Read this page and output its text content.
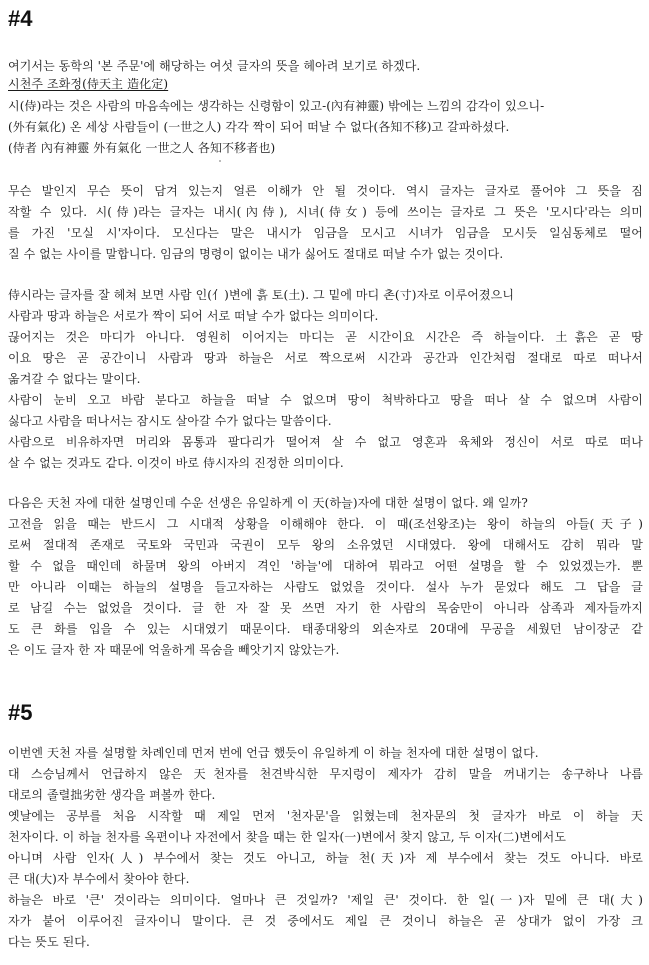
#4
여기서는 동학의 '본 주문'에 해당하는 여섯 글자의 뜻을 헤아려 보기로 하겠다.
시천주 조화정(侍天主 造化定)
시(侍)라는 것은 사람의 마음속에는 생각하는 신령함이 있고-(內有神靈) 밖에는 느낌의 감각이 있으니-
(外有氣化) 온 세상 사람들이 (一世之人) 각각 짝이 되어 떠날 수 없다(各知不移)고 갈파하셨다.
(侍者 內有神靈 外有氣化 一世之人 各知不移者也)
무슨 발인지 무슨 뜻이 담겨 있는지 얼른 이해가 안 될 것이다. 역시 글자는 글자로 풀어야 그 뜻을 짐
작할 수 있다. 시(侍)라는 글자는 내시(內侍), 시녀(侍女) 등에 쓰이는 글자로 그 뜻은 '모시다'라는 의미
를 가진 '모실 시'자이다. 모신다는 말은 내시가 임금을 모시고 시녀가 임금을 모시듯 일심동체로 떨어
질 수 없는 사이를 말합니다. 임금의 명령이 없이는 내가 싫어도 절대로 떠날 수가 없는 것이다.
侍시라는 글자를 잘 헤쳐 보면 사람 인(亻)변에 흙 토(土). 그 밑에 마디 촌(寸)자로 이루어졌으니
사람과 땅과 하늘은 서로가 짝이 되어 서로 떠날 수가 없다는 의미이다.
끊어지는 것은 마디가 아니다. 영원히 이어지는 마디는 곧 시간이요 시간은 즉 하늘이다. 土흙은 곧 땅
이요 땅은 곧 공간이니 사람과 땅과 하늘은 서로 짝으로써 시간과 공간과 인간처럼 절대로 따로 떠나서
옮겨갈 수 없다는 말이다.
사람이 눈비 오고 바람 분다고 하늘을 떠날 수 없으며 땅이 척박하다고 땅을 떠나 살 수 없으며 사람이
싫다고 사람을 떠나서는 잠시도 살아갈 수가 없다는 말씀이다.
사람으로 비유하자면 머리와 몸통과 팔다리가 떨어져 살 수 없고 영혼과 육체와 정신이 서로 따로 떠나
살 수 없는 것과도 같다. 이것이 바로 侍시자의 진정한 의미이다.
다음은 天천 자에 대한 설명인데 수운 선생은 유일하게 이 天(하늘)자에 대한 설명이 없다. 왜 일까?
고전을 읽을 때는 반드시 그 시대적 상황을 이해해야 한다. 이 때(조선왕조)는 왕이 하늘의 아들(天子)
로써 절대적 존재로 국토와 국민과 국권이 모두 왕의 소유였던 시대였다. 왕에 대해서도 감히 뭐라 말
할 수 없을 때인데 하물며 왕의 아버지 격인 '하늘'에 대하여 뭐라고 어떤 설명을 할 수 있었겠는가. 뿐
만 아니라 이때는 하늘의 설명을 들고자하는 사람도 없었을 것이다. 설사 누가 묻었다 해도 그 답을 글
로 남길 수는 없었을 것이다. 글 한 자 잘 못 쓰면 자기 한 사람의 목숨만이 아니라 삼족과 제자들까지
도 큰 화를 입을 수 있는 시대였기 때문이다. 태종대왕의 외손자로 20대에 무공을 세웠던 남이장군 같
은 이도 글자 한 자 때문에 억울하게 목숨을 빼앗기지 않았는가.
#5
이번엔 天천 자를 설명할 차례인데 먼저 번에 언급 했듯이 유일하게 이 하늘 천자에 대한 설명이 없다.
대 스승님께서 언급하지 않은 天천자를 천견박식한 무지렁이 제자가 감히 말을 꺼내기는 송구하나 나름
대로의 졸렬拙劣한 생각을 펴볼까 한다.
옛날에는 공부를 처음 시작할 때 제일 먼저 '천자문'을 읽혔는데 천자문의 첫 글자가 바로 이 하늘 天
천자이다. 이 하늘 천자를 옥편이나 자전에서 찾을 때는 한 일자(一)변에서 찾지 않고, 두 이자(二)변에서도
아니며 사람 인자(人) 부수에서 찾는 것도 아니고, 하늘 천(天)자 제 부수에서 찾는 것도 아니다. 바로
큰 대(大)자 부수에서 찾아야 한다.
하늘은 바로 '큰' 것이라는 의미이다. 얼마나 큰 것일까? '제일 큰' 것이다. 한 일(一)자 밑에 큰 대(大)
자가 붙어 이루어진 글자이니 말이다. 큰 것 중에서도 제일 큰 것이니 하늘은 곧 상대가 없이 가장 크
다는 뜻도 된다.
